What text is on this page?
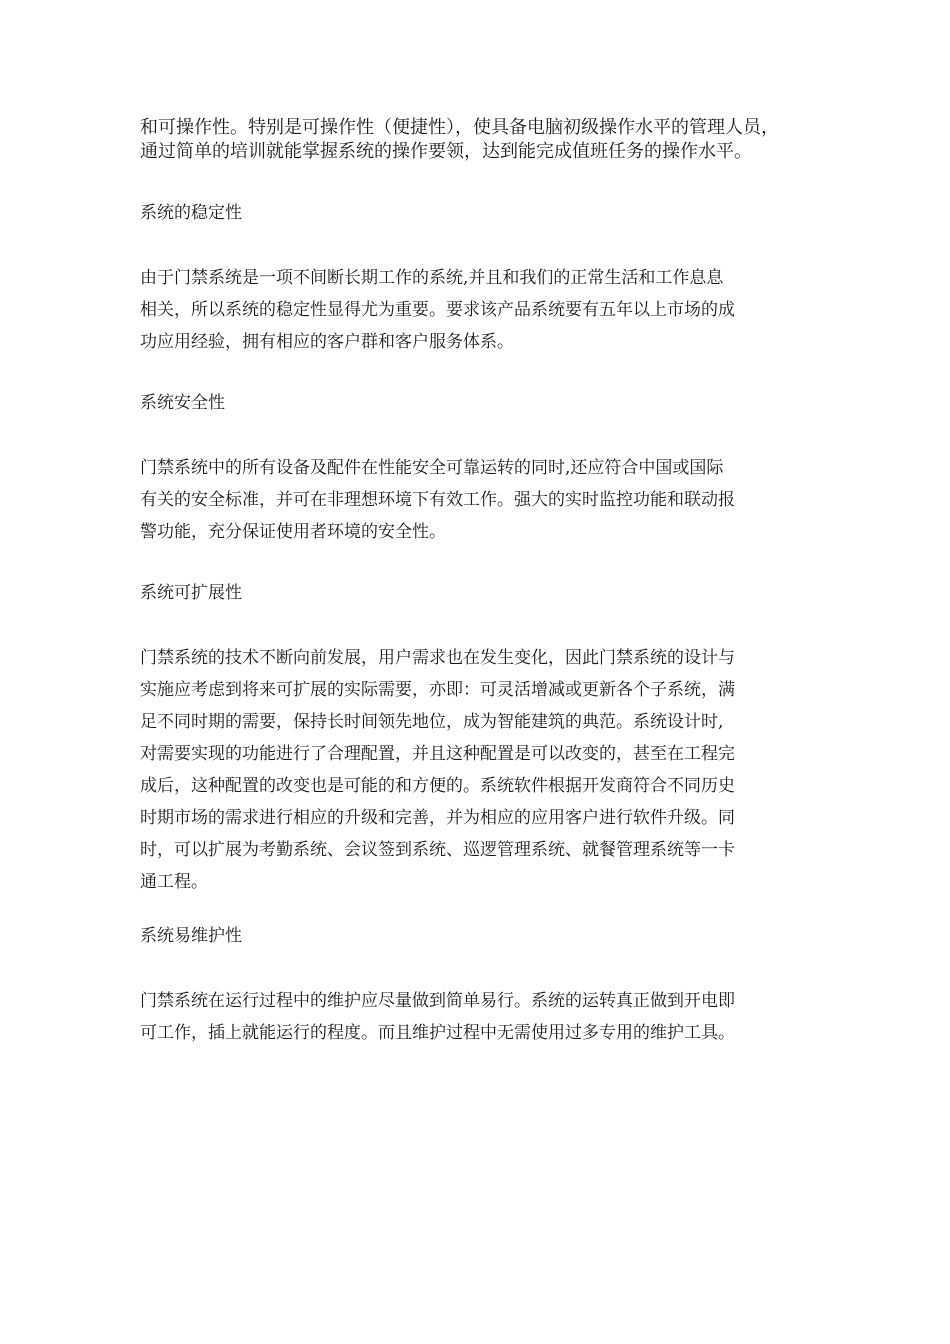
和可操作性。特别是可操作性（便捷性），使具备电脑初级操作水平的管理人员，
通过简单的培训就能掌握系统的操作要领，达到能完成值班任务的操作水平。

系统的稳定性

由于门禁系统是一项不间断长期工作的系统,并且和我们的正常生活和工作息息
相关，所以系统的稳定性显得尤为重要。要求该产品系统要有五年以上市场的成
功应用经验，拥有相应的客户群和客户服务体系。

系统安全性

门禁系统中的所有设备及配件在性能安全可靠运转的同时,还应符合中国或国际
有关的安全标准，并可在非理想环境下有效工作。强大的实时监控功能和联动报
警功能，充分保证使用者环境的安全性。

系统可扩展性

门禁系统的技术不断向前发展，用户需求也在发生变化，因此门禁系统的设计与
实施应考虑到将来可扩展的实际需要，亦即：可灵活增减或更新各个子系统，满
足不同时期的需要，保持长时间领先地位，成为智能建筑的典范。系统设计时,
对需要实现的功能进行了合理配置，并且这种配置是可以改变的，甚至在工程完
成后，这种配置的改变也是可能的和方便的。系统软件根据开发商符合不同历史
时期市场的需求进行相应的升级和完善，并为相应的应用客户进行软件升级。同
时，可以扩展为考勤系统、会议签到系统、巡逻管理系统、就餐管理系统等一卡
通工程。

系统易维护性

门禁系统在运行过程中的维护应尽量做到简单易行。系统的运转真正做到开电即
可工作，插上就能运行的程度。而且维护过程中无需使用过多专用的维护工具。
